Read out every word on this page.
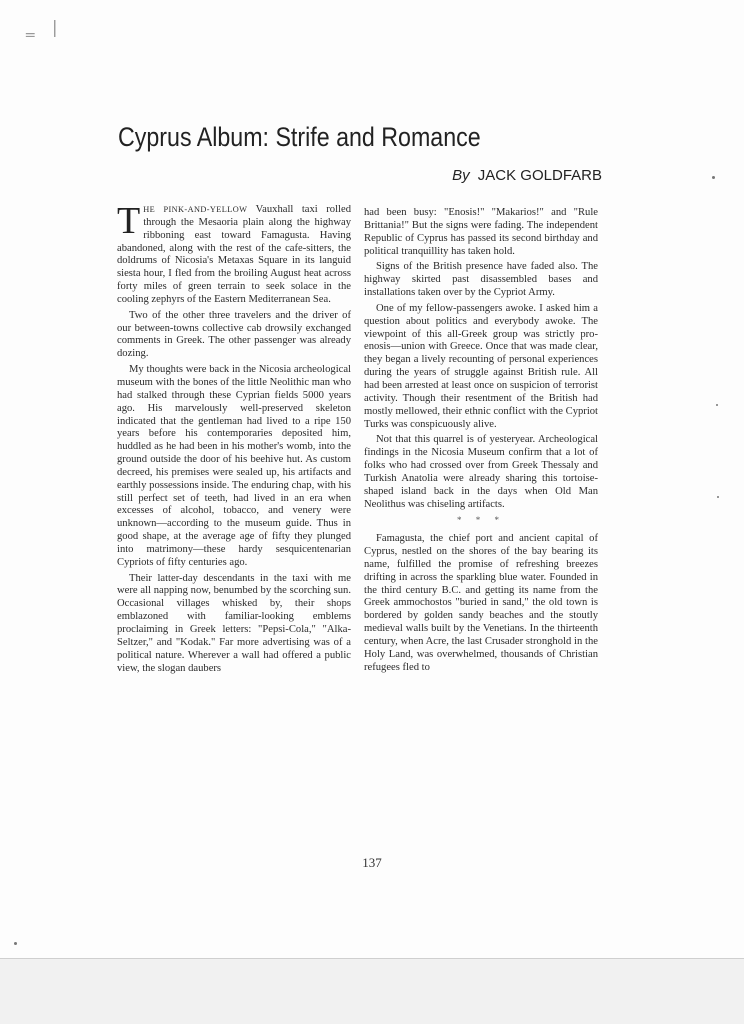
‗ |
Cyprus Album: Strife and Romance
By JACK GOLDFARB

THE PINK-AND-YELLOW Vauxhall taxi rolled through the Mesaoria plain along the highway ribboning east toward Famagusta. Having abandoned, along with the rest of the cafe-sitters, the doldrums of Nicosia's Metaxas Square in its languid siesta hour, I fled from the broiling August heat across forty miles of green terrain to seek solace in the cooling zephyrs of the Eastern Mediterranean Sea.

Two of the other three travelers and the driver of our between-towns collective cab drowsily exchanged comments in Greek. The other passenger was already dozing.

My thoughts were back in the Nicosia archeological museum with the bones of the little Neolithic man who had stalked through these Cyprian fields 5000 years ago. His marvelously well-preserved skeleton indicated that the gentleman had lived to a ripe 150 years before his contemporaries deposited him, huddled as he had been in his mother's womb, into the ground outside the door of his beehive hut. As custom decreed, his premises were sealed up, his artifacts and earthly possessions inside. The enduring chap, with his still perfect set of teeth, had lived in an era when excesses of alcohol, tobacco, and venery were unknown—according to the museum guide. Thus in good shape, at the average age of fifty they plunged into matrimony—these hardy sesquicentenarian Cypriots of fifty centuries ago.

Their latter-day descendants in the taxi with me were all napping now, benumbed by the scorching sun. Occasional villages whisked by, their shops emblazoned with familiar-looking emblems proclaiming in Greek letters: "Pepsi-Cola," "Alka-Seltzer," and "Kodak." Far more advertising was of a political nature. Wherever a wall had offered a public view, the slogan daubers

had been busy: "Enosis!" "Makarios!" and "Rule Brittania!" But the signs were fading. The independent Republic of Cyprus has passed its second birthday and political tranquillity has taken hold.

Signs of the British presence have faded also. The highway skirted past disassembled bases and installations taken over by the Cypriot Army.

One of my fellow-passengers awoke. I asked him a question about politics and everybody awoke. The viewpoint of this all-Greek group was strictly pro-enosis—union with Greece. Once that was made clear, they began a lively recounting of personal experiences during the years of struggle against British rule. All had been arrested at least once on suspicion of terrorist activity. Though their resentment of the British had mostly mellowed, their ethnic conflict with the Cypriot Turks was conspicuously alive.

Not that this quarrel is of yesteryear. Archeological findings in the Nicosia Museum confirm that a lot of folks who had crossed over from Greek Thessaly and Turkish Anatolia were already sharing this tortoise-shaped island back in the days when Old Man Neolithus was chiseling artifacts.

* * *

Famagusta, the chief port and ancient capital of Cyprus, nestled on the shores of the bay bearing its name, fulfilled the promise of refreshing breezes drifting in across the sparkling blue water. Founded in the third century B.C. and getting its name from the Greek ammochostos "buried in sand," the old town is bordered by golden sandy beaches and the stoutly medieval walls built by the Venetians. In the thirteenth century, when Acre, the last Crusader stronghold in the Holy Land, was overwhelmed, thousands of Christian refugees fled to

137
